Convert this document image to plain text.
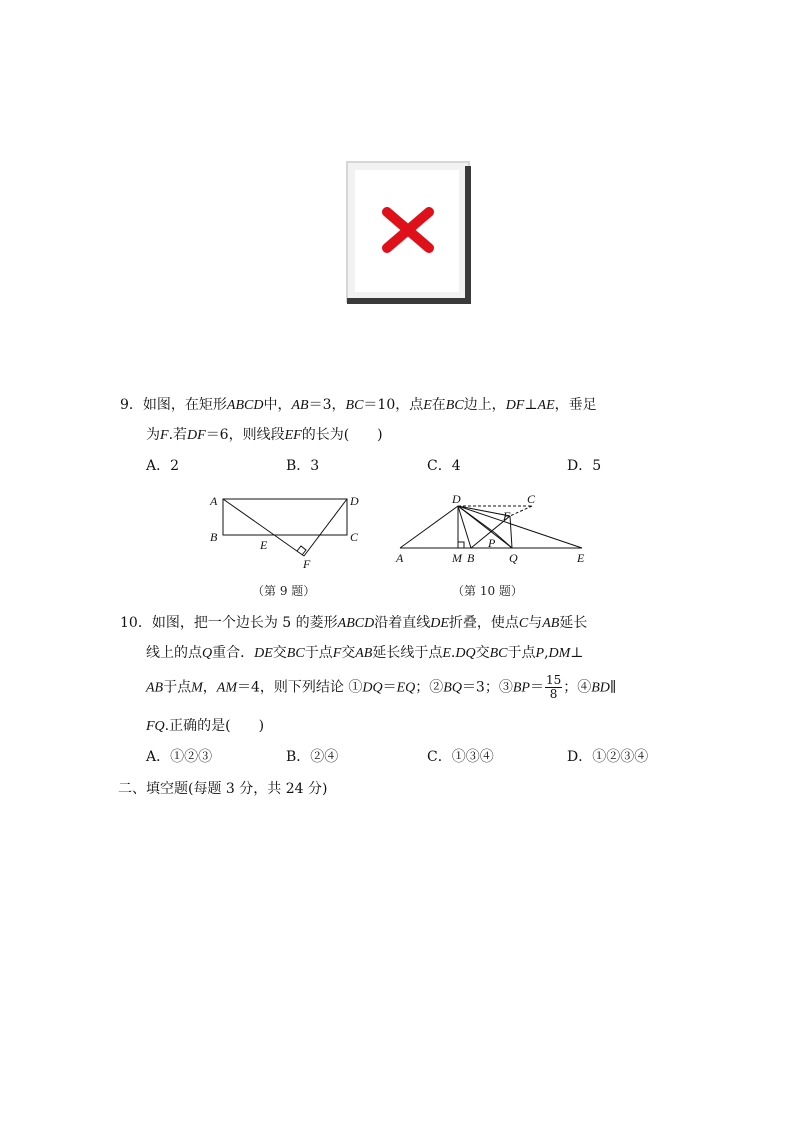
9．如图，在矩形ABCD中，AB＝3，BC＝10，点E在BC边上，DF⊥AE，垂足
为F.若DF＝6，则线段EF的长为(　　)
A．2	B．3	C．4	D．5
A
B	C
D
E
F
（第 9 题）
D	C
F
P
A	M B	Q	E
（第 10 题）
10．如图，把一个边长为 5 的菱形ABCD沿着直线DE折叠，使点C与AB延长
线上的点Q重合．DE交BC于点F交AB延长线于点E.DQ交BC于点P,DM⊥
AB于点M，AM＝4，则下列结论 ①DQ＝EQ；②BQ＝3；③BP＝ $\frac{15}{8}$ ；④BD∥
FQ.正确的是(　　)
A．①②③	B．②④	C．①③④	D．①②③④
二、填空题(每题 3 分，共 24 分)
